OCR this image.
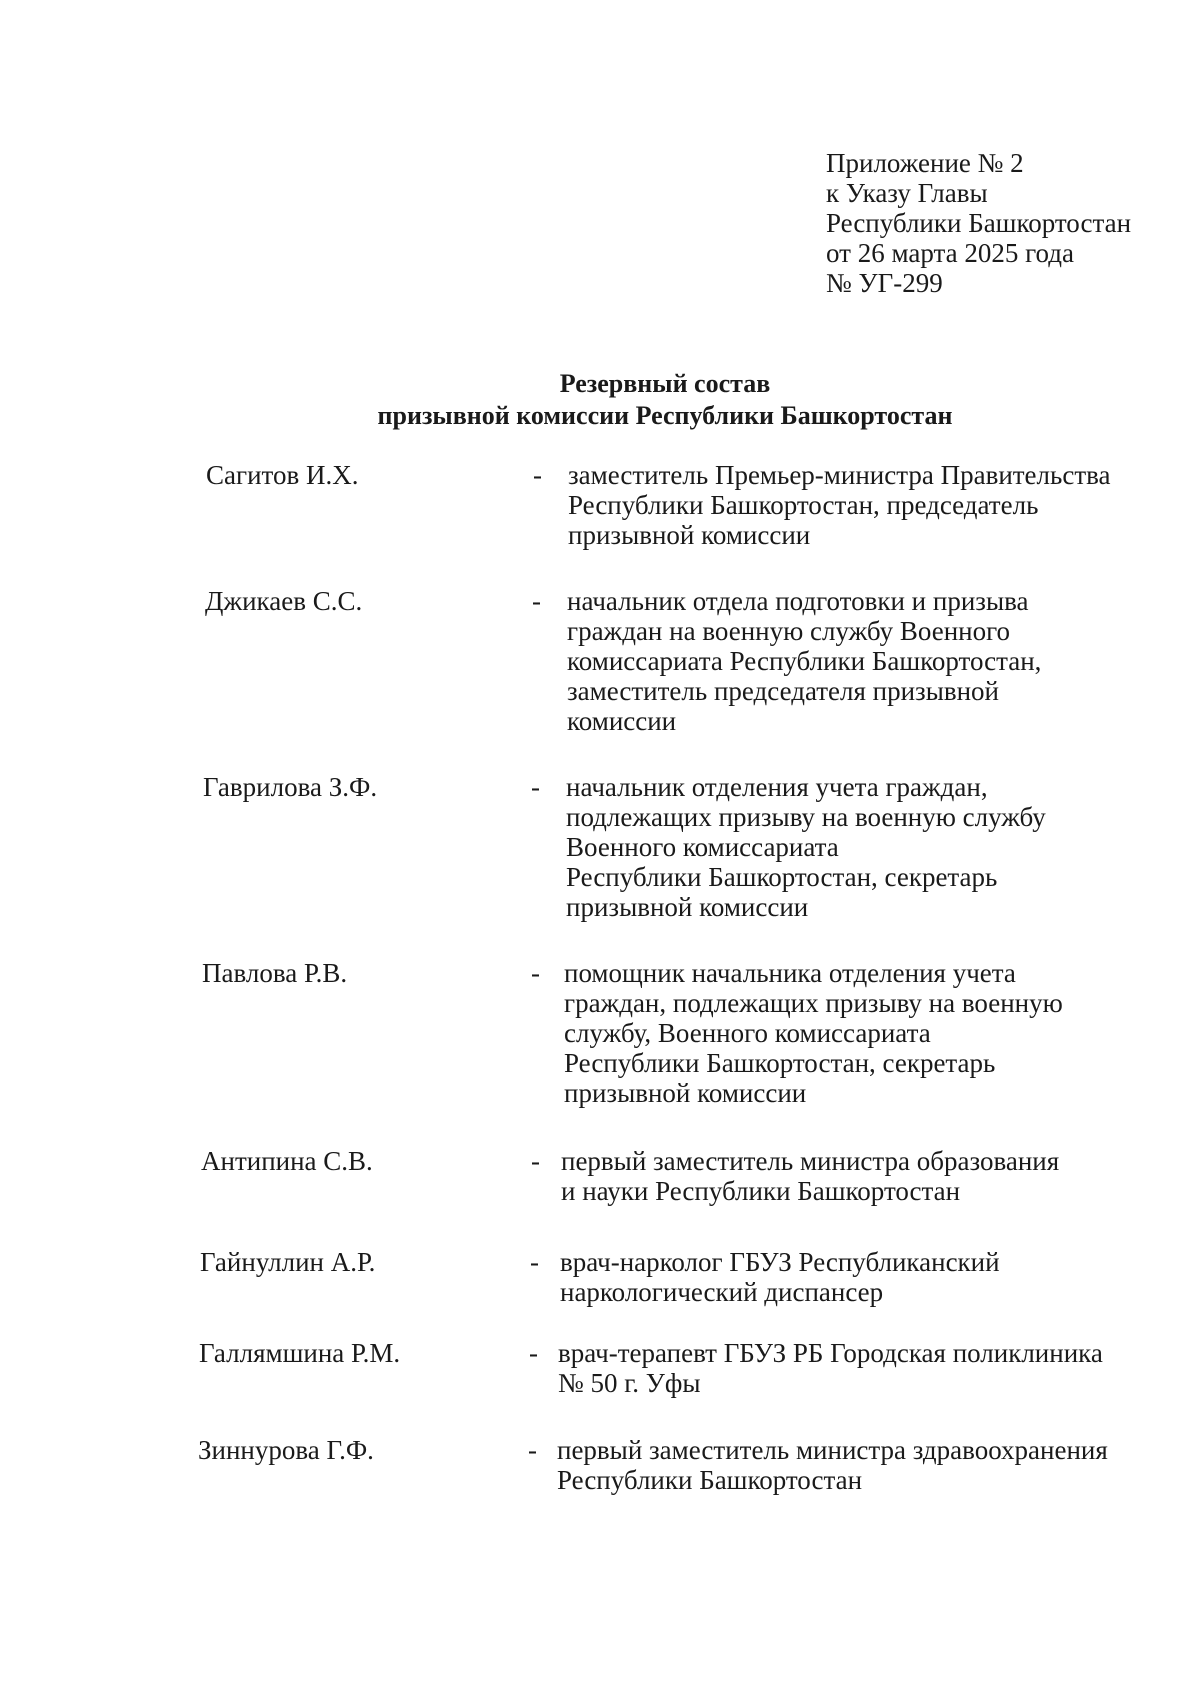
Приложение № 2
к Указу Главы
Республики Башкортостан
от 26 марта 2025 года
№ УГ-299
Резервный состав
призывной комиссии Республики Башкортостан
Сагитов И.Х.	- заместитель Премьер-министра Правительства
Республики Башкортостан, председатель
призывной комиссии
Джикаев С.С.	- начальник отдела подготовки и призыва
граждан на военную службу Военного
комиссариата Республики Башкортостан,
заместитель председателя призывной
комиссии
Гаврилова З.Ф.	- начальник отделения учета граждан,
подлежащих призыву на военную службу
Военного комиссариата
Республики Башкортостан, секретарь
призывной комиссии
Павлова Р.В.	- помощник начальника отделения учета
граждан, подлежащих призыву на военную
службу, Военного комиссариата
Республики Башкортостан, секретарь
призывной комиссии
Антипина С.В.	- первый заместитель министра образования
и науки Республики Башкортостан
Гайнуллин А.Р.	- врач-нарколог ГБУЗ Республиканский
наркологический диспансер
Галлямшина Р.М.	- врач-терапевт ГБУЗ РБ Городская поликлиника
№ 50 г. Уфы
Зиннурова Г.Ф.	- первый заместитель министра здравоохранения
Республики Башкортостан
